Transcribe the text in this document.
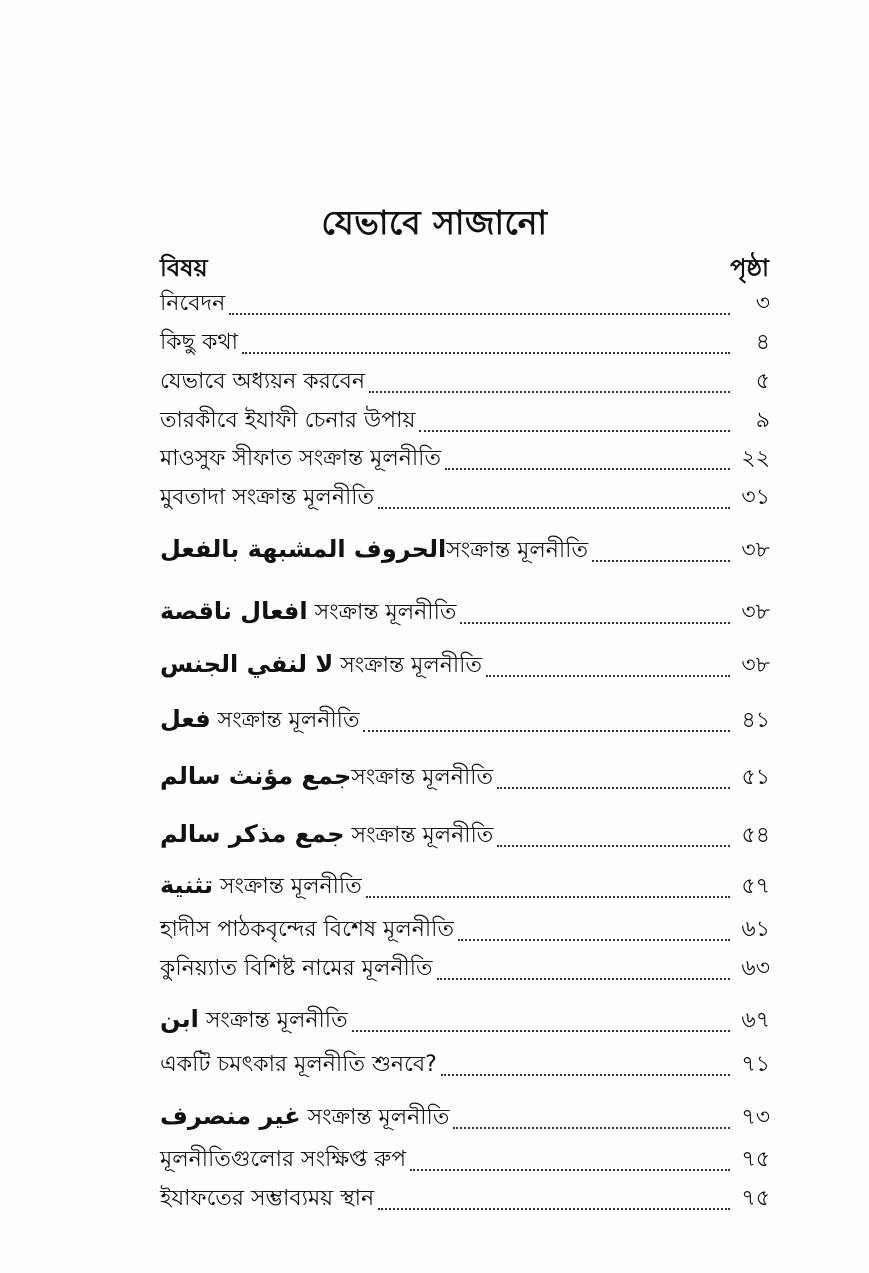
যেভাবে সাজানো
বিষয়	পৃষ্ঠা
নিবেদন	৩
কিছু কথা	৪
যেভাবে অধ্যয়ন করবেন	৫
তারকীবে ইযাফী চেনার উপায়	৯
মাওসুফ সীফাত সংক্রান্ত মূলনীতি	২২
মুবতাদা সংক্রান্ত মূলনীতি	৩১
الحروف المشبهة بالفعلসংক্রান্ত মূলনীতি	৩৮
افعال ناقصة সংক্রান্ত মূলনীতি	৩৮
لا لنفي الجنس সংক্রান্ত মূলনীতি	৩৮
فعل সংক্রান্ত মূলনীতি	৪১
جمع مؤنث سالمসংক্রান্ত মূলনীতি	৫১
جمع مذكر سالم সংক্রান্ত মূলনীতি	৫৪
تثنية সংক্রান্ত মূলনীতি	৫৭
হাদীস পাঠকবৃন্দের বিশেষ মূলনীতি	৬১
কুনিয়্যাত বিশিষ্ট নামের মূলনীতি	৬৩
ابن সংক্রান্ত মূলনীতি	৬৭
একটি চমৎকার মূলনীতি শুনবে?	৭১
غير منصرف সংক্রান্ত মূলনীতি	৭৩
মূলনীতিগুলোর সংক্ষিপ্ত রুপ	৭৫
ইযাফতের সম্ভাব্যময় স্থান	৭৫
